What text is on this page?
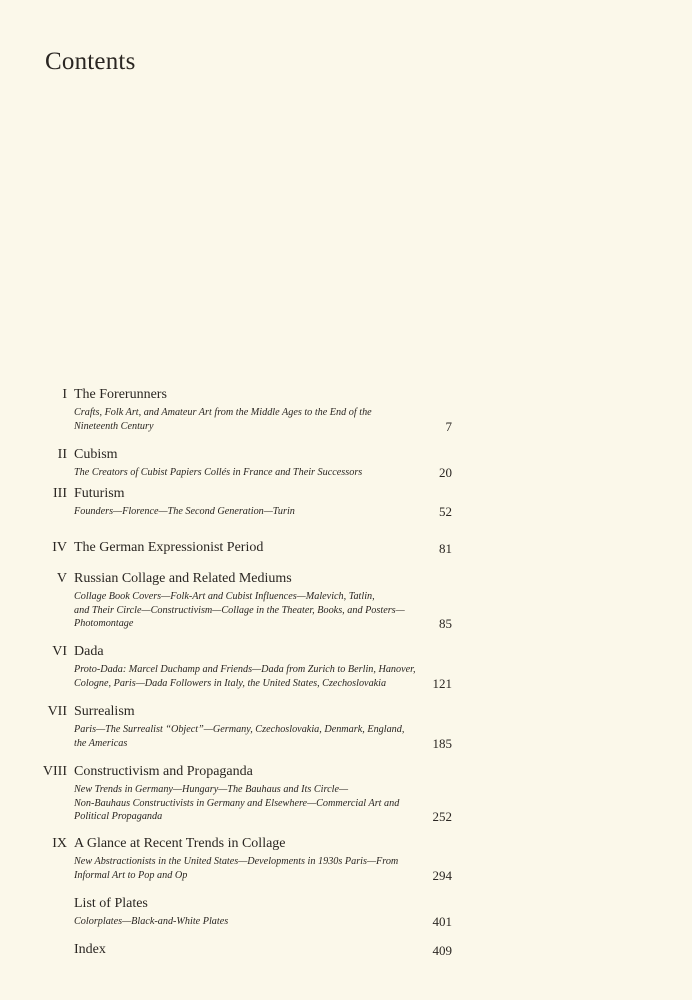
Contents
I The Forerunners
Crafts, Folk Art, and Amateur Art from the Middle Ages to the End of the
Nineteenth Century	7
II Cubism
The Creators of Cubist Papiers Collés in France and Their Successors	20
III Futurism
Founders—Florence—The Second Generation—Turin	52
IV The German Expressionist Period	81
V Russian Collage and Related Mediums
Collage Book Covers—Folk-Art and Cubist Influences—Malevich, Tatlin,
and Their Circle—Constructivism—Collage in the Theater, Books, and Posters—
Photomontage	85
VI Dada
Proto-Dada: Marcel Duchamp and Friends—Dada from Zurich to Berlin, Hanover,
Cologne, Paris—Dada Followers in Italy, the United States, Czechoslovakia	121
VII Surrealism
Paris—The Surrealist “Object”—Germany, Czechoslovakia, Denmark, England,
the Americas	185
VIII Constructivism and Propaganda
New Trends in Germany—Hungary—The Bauhaus and Its Circle—
Non-Bauhaus Constructivists in Germany and Elsewhere—Commercial Art and
Political Propaganda	252
IX A Glance at Recent Trends in Collage
New Abstractionists in the United States—Developments in 1930s Paris—From
Informal Art to Pop and Op	294
List of Plates
Colorplates—Black-and-White Plates	401
Index	409
